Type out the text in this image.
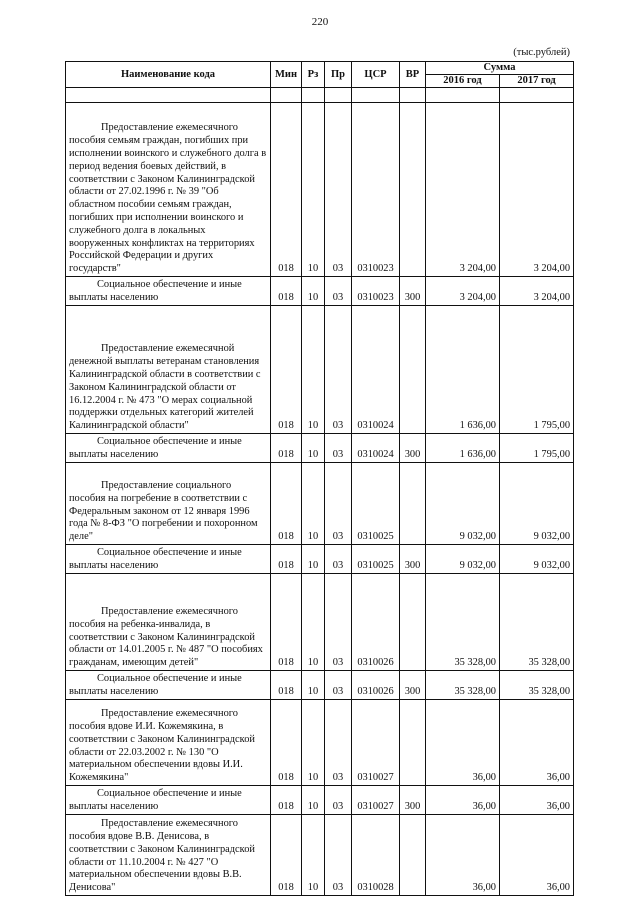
220
(тыс.рублей)
Наименование кода	Мин	Рз	Пр	ЦСР	ВР	Сумма	
						2016 год	2017 год

Предоставление ежемесячного пособия семьям граждан, погибших при исполнении воинского и служебного долга в период ведения боевых действий, в соответствии с Законом Калининградской области от 27.02.1996 г. № 39 "Об областном пособии семьям граждан, погибших при исполнении воинского и служебного долга в локальных вооруженных конфликтах на территориях Российской Федерации и других государств"	018	10	03	0310023		3 204,00	3 204,00
Социальное обеспечение и иные выплаты населению	018	10	03	0310023	300	3 204,00	3 204,00
Предоставление ежемесячной денежной выплаты ветеранам становления Калининградской области в соответствии с Законом Калининградской области от 16.12.2004 г. № 473 "О мерах социальной поддержки отдельных категорий жителей Калининградской области"	018	10	03	0310024		1 636,00	1 795,00
Социальное обеспечение и иные выплаты населению	018	10	03	0310024	300	1 636,00	1 795,00
Предоставление социального пособия на погребение в соответствии с Федеральным законом от 12 января 1996 года № 8-ФЗ "О погребении и похоронном деле"	018	10	03	0310025		9 032,00	9 032,00
Социальное обеспечение и иные выплаты населению	018	10	03	0310025	300	9 032,00	9 032,00
Предоставление ежемесячного пособия на ребенка-инвалида, в соответствии с Законом Калининградской области от 14.01.2005 г. № 487 "О пособиях гражданам, имеющим детей"	018	10	03	0310026		35 328,00	35 328,00
Социальное обеспечение и иные выплаты населению	018	10	03	0310026	300	35 328,00	35 328,00
Предоставление ежемесячного пособия вдове И.И. Кожемякина, в соответствии с Законом Калининградской области от 22.03.2002 г. № 130 "О материальном обеспечении вдовы И.И. Кожемякина"	018	10	03	0310027		36,00	36,00
Социальное обеспечение и иные выплаты населению	018	10	03	0310027	300	36,00	36,00
Предоставление ежемесячного пособия вдове В.В. Денисова, в соответствии с Законом Калининградской области от 11.10.2004 г. № 427 "О материальном обеспечении вдовы В.В. Денисова"	018	10	03	0310028		36,00	36,00
